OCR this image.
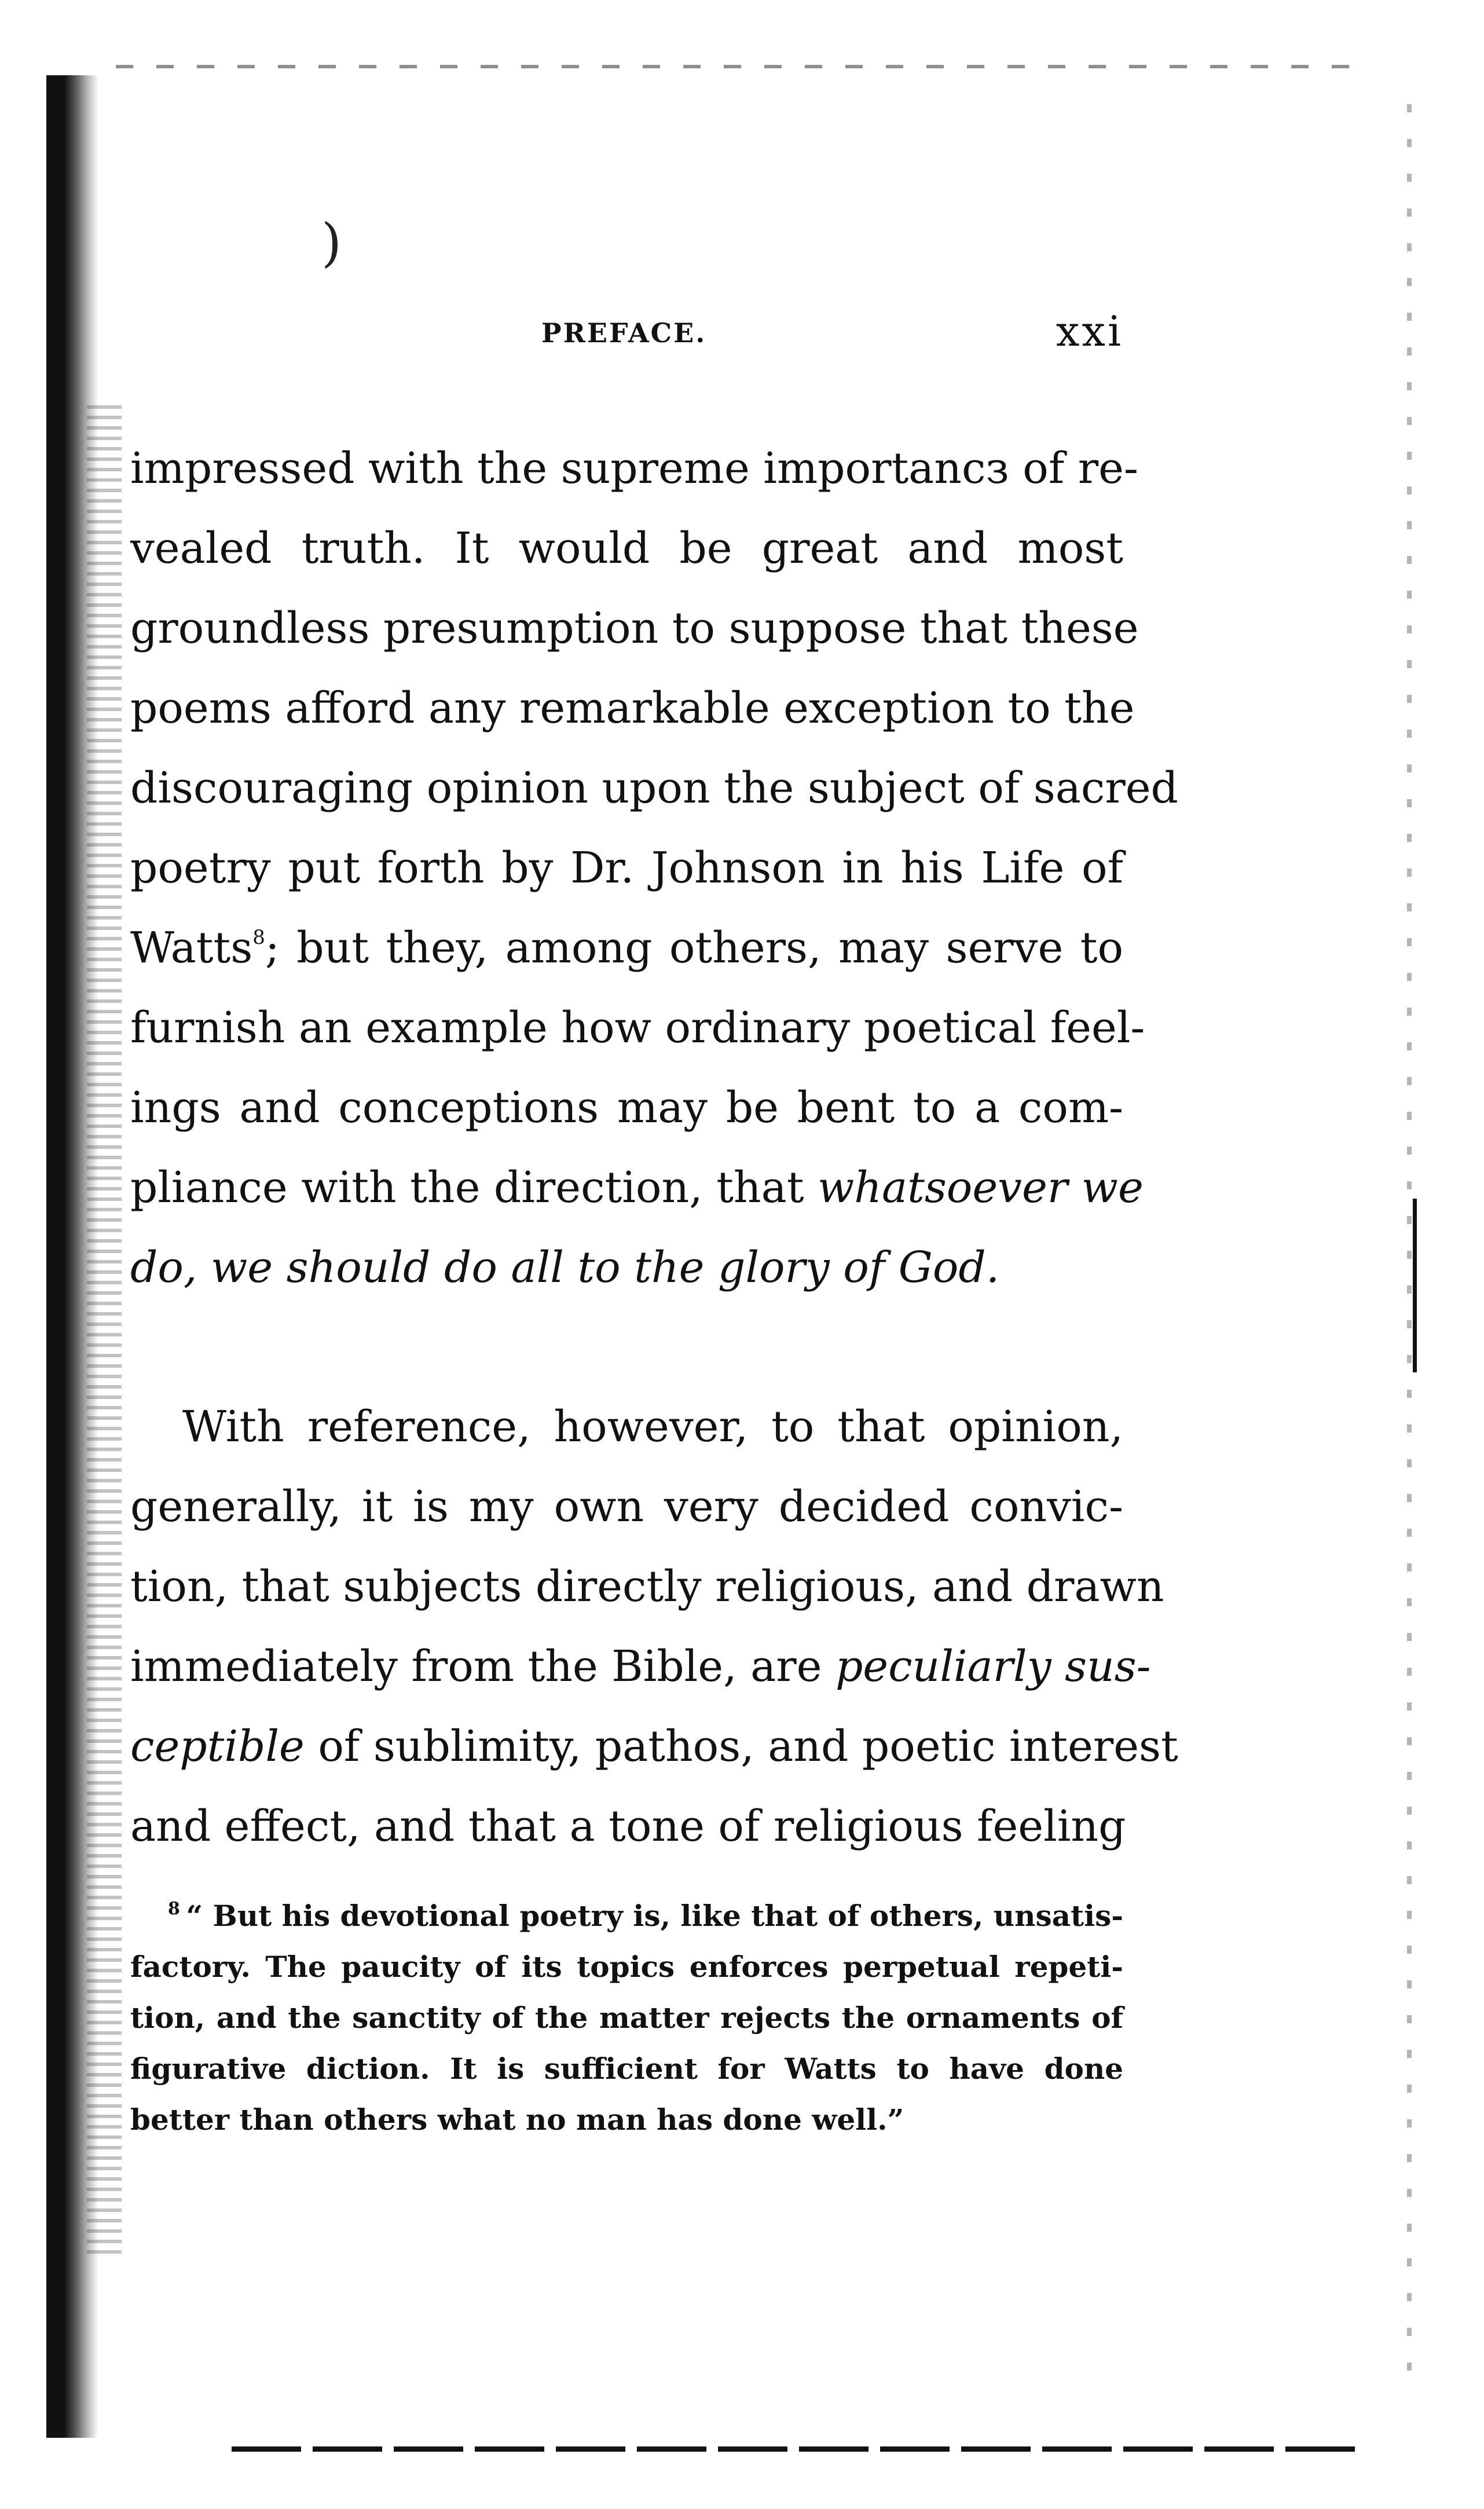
)
PREFACE.	xxi
impressed with the supreme importancз of re-
vealed truth. It would be great and most
groundless presumption to suppose that these
poems afford any remarkable exception to the
discouraging opinion upon the subject of sacred
poetry put forth by Dr. Johnson in his Life of
Watts$^8$; but they, among others, may serve to
furnish an example how ordinary poetical feel-
ings and conceptions may be bent to a com-
pliance with the direction, that whatsoever we
do, we should do all to the glory of God.
With reference, however, to that opinion,
generally, it is my own very decided convic-
tion, that subjects directly religious, and drawn
immediately from the Bible, are peculiarly sus-
ceptible of sublimity, pathos, and poetic interest
and effect, and that a tone of religious feeling
$^8$ “ But his devotional poetry is, like that of others, unsatis-
factory. The paucity of its topics enforces perpetual repeti-
tion, and the sanctity of the matter rejects the ornaments of
figurative diction. It is sufficient for Watts to have done
better than others what no man has done well.”
